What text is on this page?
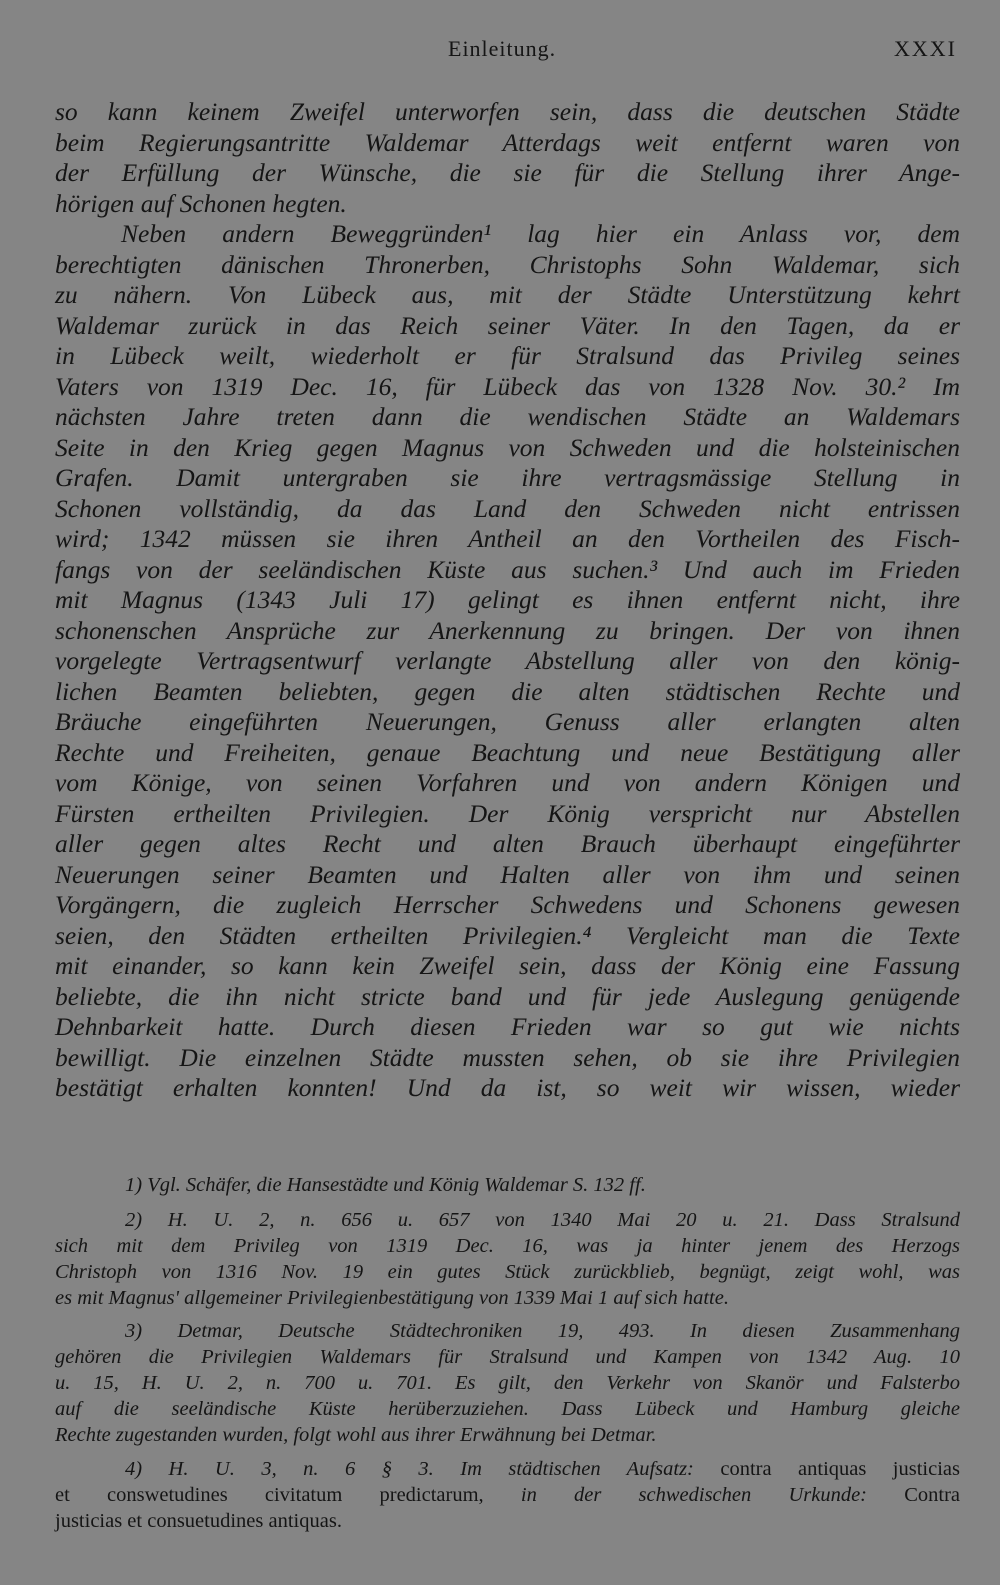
Einleitung.	XXXI
so kann keinem Zweifel unterworfen sein, dass die deutschen Städte
beim Regierungsantritte Waldemar Atterdags weit entfernt waren von
der Erfüllung der Wünsche, die sie für die Stellung ihrer Ange-
hörigen auf Schonen hegten.
Neben andern Beweggründen¹ lag hier ein Anlass vor, dem
berechtigten dänischen Thronerben, Christophs Sohn Waldemar, sich
zu nähern. Von Lübeck aus, mit der Städte Unterstützung kehrt
Waldemar zurück in das Reich seiner Väter. In den Tagen, da er
in Lübeck weilt, wiederholt er für Stralsund das Privileg seines
Vaters von 1319 Dec. 16, für Lübeck das von 1328 Nov. 30.² Im
nächsten Jahre treten dann die wendischen Städte an Waldemars
Seite in den Krieg gegen Magnus von Schweden und die holsteinischen
Grafen. Damit untergraben sie ihre vertragsmässige Stellung in
Schonen vollständig, da das Land den Schweden nicht entrissen
wird; 1342 müssen sie ihren Antheil an den Vortheilen des Fisch-
fangs von der seeländischen Küste aus suchen.³ Und auch im Frieden
mit Magnus (1343 Juli 17) gelingt es ihnen entfernt nicht, ihre
schonenschen Ansprüche zur Anerkennung zu bringen. Der von ihnen
vorgelegte Vertragsentwurf verlangte Abstellung aller von den könig-
lichen Beamten beliebten, gegen die alten städtischen Rechte und
Bräuche eingeführten Neuerungen, Genuss aller erlangten alten
Rechte und Freiheiten, genaue Beachtung und neue Bestätigung aller
vom Könige, von seinen Vorfahren und von andern Königen und
Fürsten ertheilten Privilegien. Der König verspricht nur Abstellen
aller gegen altes Recht und alten Brauch überhaupt eingeführter
Neuerungen seiner Beamten und Halten aller von ihm und seinen
Vorgängern, die zugleich Herrscher Schwedens und Schonens gewesen
seien, den Städten ertheilten Privilegien.⁴ Vergleicht man die Texte
mit einander, so kann kein Zweifel sein, dass der König eine Fassung
beliebte, die ihn nicht stricte band und für jede Auslegung genügende
Dehnbarkeit hatte. Durch diesen Frieden war so gut wie nichts
bewilligt. Die einzelnen Städte mussten sehen, ob sie ihre Privilegien
bestätigt erhalten konnten! Und da ist, so weit wir wissen, wieder
1) Vgl. Schäfer, die Hansestädte und König Waldemar S. 132 ff.
2) H. U. 2, n. 656 u. 657 von 1340 Mai 20 u. 21. Dass Stralsund
sich mit dem Privileg von 1319 Dec. 16, was ja hinter jenem des Herzogs
Christoph von 1316 Nov. 19 ein gutes Stück zurückblieb, begnügt, zeigt wohl, was
es mit Magnus' allgemeiner Privilegienbestätigung von 1339 Mai 1 auf sich hatte.
3) Detmar, Deutsche Städtechroniken 19, 493. In diesen Zusammenhang
gehören die Privilegien Waldemars für Stralsund und Kampen von 1342 Aug. 10
u. 15, H. U. 2, n. 700 u. 701. Es gilt, den Verkehr von Skanör und Falsterbo
auf die seeländische Küste herüberzuziehen. Dass Lübeck und Hamburg gleiche
Rechte zugestanden wurden, folgt wohl aus ihrer Erwähnung bei Detmar.
4) H. U. 3, n. 6 § 3. Im städtischen Aufsatz: contra antiquas justicias
et conswetudines civitatum predictarum, in der schwedischen Urkunde: Contra
justicias et consuetudines antiquas.
